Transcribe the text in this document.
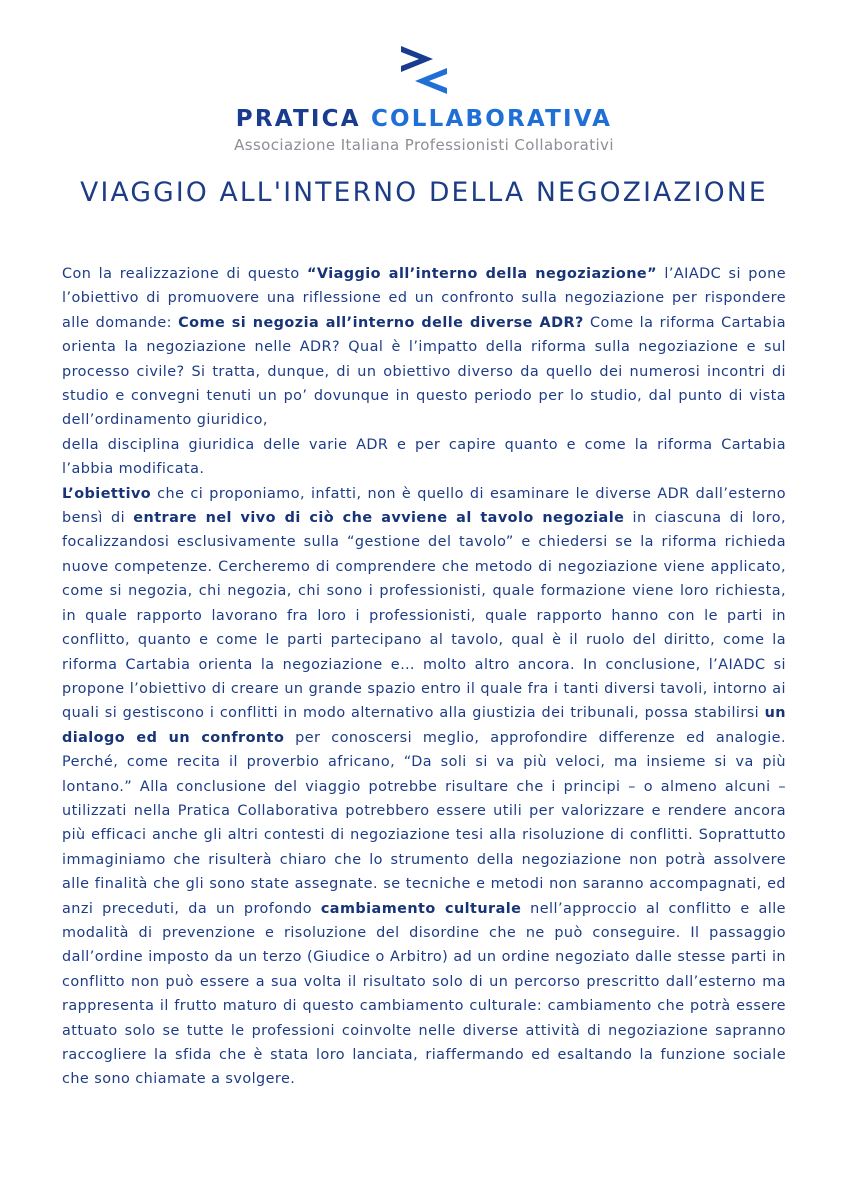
PRATICA COLLABORATIVA
Associazione Italiana Professionisti Collaborativi
VIAGGIO ALL'INTERNO DELLA NEGOZIAZIONE

Con la realizzazione di questo “Viaggio all’interno della negoziazione” l’AIADC si pone l’obiettivo di promuovere una riflessione ed un confronto sulla negoziazione per rispondere alle domande: Come si negozia all’interno delle diverse ADR? Come la riforma Cartabia orienta la negoziazione nelle ADR? Qual è l’impatto della riforma sulla negoziazione e sul processo civile? Si tratta, dunque, di un obiettivo diverso da quello dei numerosi incontri di studio e convegni tenuti un po’ dovunque in questo periodo per lo studio, dal punto di vista dell’ordinamento giuridico,

della disciplina giuridica delle varie ADR e per capire quanto e come la riforma Cartabia l’abbia modificata.

L’obiettivo che ci proponiamo, infatti, non è quello di esaminare le diverse ADR dall’esterno bensì di entrare nel vivo di ciò che avviene al tavolo negoziale in ciascuna di loro, focalizzandosi esclusivamente sulla “gestione del tavolo” e chiedersi se la riforma richieda nuove competenze. Cercheremo di comprendere che metodo di negoziazione viene applicato, come si negozia, chi negozia, chi sono i professionisti, quale formazione viene loro richiesta, in quale rapporto lavorano fra loro i professionisti, quale rapporto hanno con le parti in conflitto, quanto e come le parti partecipano al tavolo, qual è il ruolo del diritto, come la riforma Cartabia orienta la negoziazione e… molto altro ancora. In conclusione, l’AIADC si propone l’obiettivo di creare un grande spazio entro il quale fra i tanti diversi tavoli, intorno ai quali si gestiscono i conflitti in modo alternativo alla giustizia dei tribunali, possa stabilirsi un dialogo ed un confronto per conoscersi meglio, approfondire differenze ed analogie. Perché, come recita il proverbio africano, “Da soli si va più veloci, ma insieme si va più lontano.” Alla conclusione del viaggio potrebbe risultare che i principi – o almeno alcuni – utilizzati nella Pratica Collaborativa potrebbero essere utili per valorizzare e rendere ancora più efficaci anche gli altri contesti di negoziazione tesi alla risoluzione di conflitti. Soprattutto immaginiamo che risulterà chiaro che lo strumento della negoziazione non potrà assolvere alle finalità che gli sono state assegnate. se tecniche e metodi non saranno accompagnati, ed anzi preceduti, da un profondo cambiamento culturale nell’approccio al conflitto e alle modalità di prevenzione e risoluzione del disordine che ne può conseguire. Il passaggio dall’ordine imposto da un terzo (Giudice o Arbitro) ad un ordine negoziato dalle stesse parti in conflitto non può essere a sua volta il risultato solo di un percorso prescritto dall’esterno ma rappresenta il frutto maturo di questo cambiamento culturale: cambiamento che potrà essere attuato solo se tutte le professioni coinvolte nelle diverse attività di negoziazione sapranno raccogliere la sfida che è stata loro lanciata, riaffermando ed esaltando la funzione sociale che sono chiamate a svolgere.
